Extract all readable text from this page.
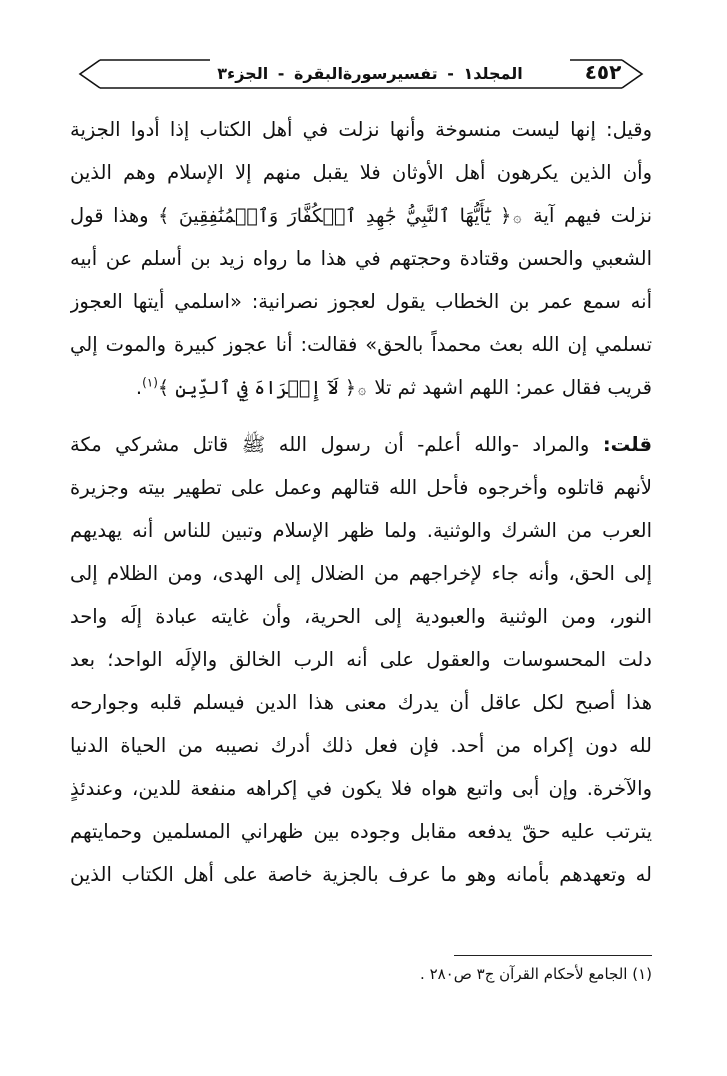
٤٥٢
المجلد١ - تفسيرسورةالبقرة - الجزء٣
وقيل: إنها ليست منسوخة وأنها نزلت في أهل الكتاب إذا أدوا الجزية
وأن الذين يكرهون أهل الأوثان فلا يقبل منهم إلا الإسلام وهم الذين
نزلت فيهم آية ۞﴿ يَٰٓأَيُّهَا ٱلنَّبِيُّ جَٰهِدِ ٱلۡكُفَّارَ وَٱلۡمُنَٰفِقِينَ ﴾ وهذا قول
الشعبي والحسن وقتادة وحجتهم في هذا ما رواه زيد بن أسلم عن أبيه
أنه سمع عمر بن الخطاب يقول لعجوز نصرانية: «اسلمي أيتها العجوز
تسلمي إن الله بعث محمداً بالحق» فقالت: أنا عجوز كبيرة والموت إلي
قريب فقال عمر: اللهم اشهد ثم تلا ۞﴿ لَآ إِكۡرَاهَ فِي ٱلدِّينِ ﴾$^{(١)}$.
قلت: والمراد -والله أعلم- أن رسول الله ﷺ قاتل مشركي مكة
لأنهم قاتلوه وأخرجوه فأحل الله قتالهم وعمل على تطهير بيته وجزيرة
العرب من الشرك والوثنية. ولما ظهر الإسلام وتبين للناس أنه يهديهم
إلى الحق، وأنه جاء لإخراجهم من الضلال إلى الهدى، ومن الظلام إلى
النور، ومن الوثنية والعبودية إلى الحرية، وأن غايته عبادة إلَه واحد
دلت المحسوسات والعقول على أنه الرب الخالق والإلَه الواحد؛ بعد
هذا أصبح لكل عاقل أن يدرك معنى هذا الدين فيسلم قلبه وجوارحه
لله دون إكراه من أحد. فإن فعل ذلك أدرك نصيبه من الحياة الدنيا
والآخرة. وإن أبى واتبع هواه فلا يكون في إكراهه منفعة للدين، وعندئذٍ
يترتب عليه حقّ يدفعه مقابل وجوده بين ظهراني المسلمين وحمايتهم
له وتعهدهم بأمانه وهو ما عرف بالجزية خاصة على أهل الكتاب الذين
(١) الجامع لأحكام القرآن ج٣ ص٢٨٠ .
